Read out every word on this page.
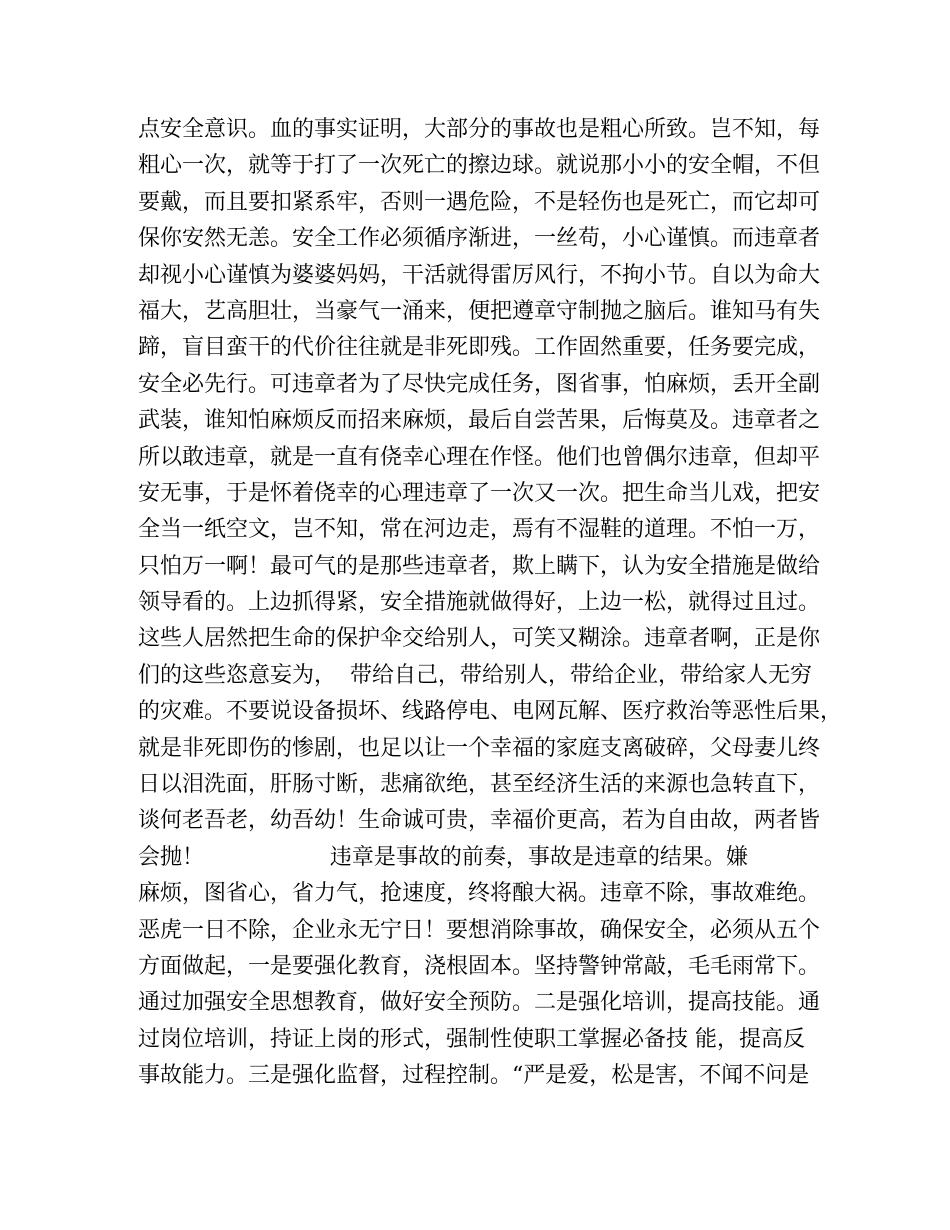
点安全意识。血的事实证明，大部分的事故也是粗心所致。岂不知，每
粗心一次，就等于打了一次死亡的擦边球。就说那小小的安全帽，不但
要戴，而且要扣紧系牢，否则一遇危险，不是轻伤也是死亡，而它却可
保你安然无恙。安全工作必须循序渐进，一丝苟，小心谨慎。而违章者
却视小心谨慎为婆婆妈妈，干活就得雷厉风行，不拘小节。自以为命大
福大，艺高胆壮，当豪气一涌来，便把遵章守制抛之脑后。谁知马有失
蹄，盲目蛮干的代价往往就是非死即残。工作固然重要，任务要完成，
安全必先行。可违章者为了尽快完成任务，图省事，怕麻烦，丢开全副
武装，谁知怕麻烦反而招来麻烦，最后自尝苦果，后悔莫及。违章者之
所以敢违章，就是一直有侥幸心理在作怪。他们也曾偶尔违章，但却平
安无事，于是怀着侥幸的心理违章了一次又一次。把生命当儿戏，把安
全当一纸空文，岂不知，常在河边走，焉有不湿鞋的道理。不怕一万，
只怕万一啊！最可气的是那些违章者，欺上瞒下，认为安全措施是做给
领导看的。上边抓得紧，安全措施就做得好，上边一松，就得过且过。
这些人居然把生命的保护伞交给别人，可笑又糊涂。违章者啊，正是你
们的这些恣意妄为，  带给自己，带给别人，带给企业，带给家人无穷
的灾难。不要说设备损坏、线路停电、电网瓦解、医疗救治等恶性后果，
就是非死即伤的惨剧，也足以让一个幸福的家庭支离破碎，父母妻儿终
日以泪洗面，肝肠寸断，悲痛欲绝，甚至经济生活的来源也急转直下，
谈何老吾老，幼吾幼！生命诚可贵，幸福价更高，若为自由故，两者皆
会抛！                  违章是事故的前奏，事故是违章的结果。嫌
麻烦，图省心，省力气，抢速度，终将酿大祸。违章不除，事故难绝。
恶虎一日不除，企业永无宁日！要想消除事故，确保安全，必须从五个
方面做起，一是要强化教育，浇根固本。坚持警钟常敲，毛毛雨常下。
通过加强安全思想教育，做好安全预防。二是强化培训，提高技能。通
过岗位培训，持证上岗的形式，强制性使职工掌握必备技 能，提高反
事故能力。三是强化监督，过程控制。“严是爱，松是害，不闻不问是
